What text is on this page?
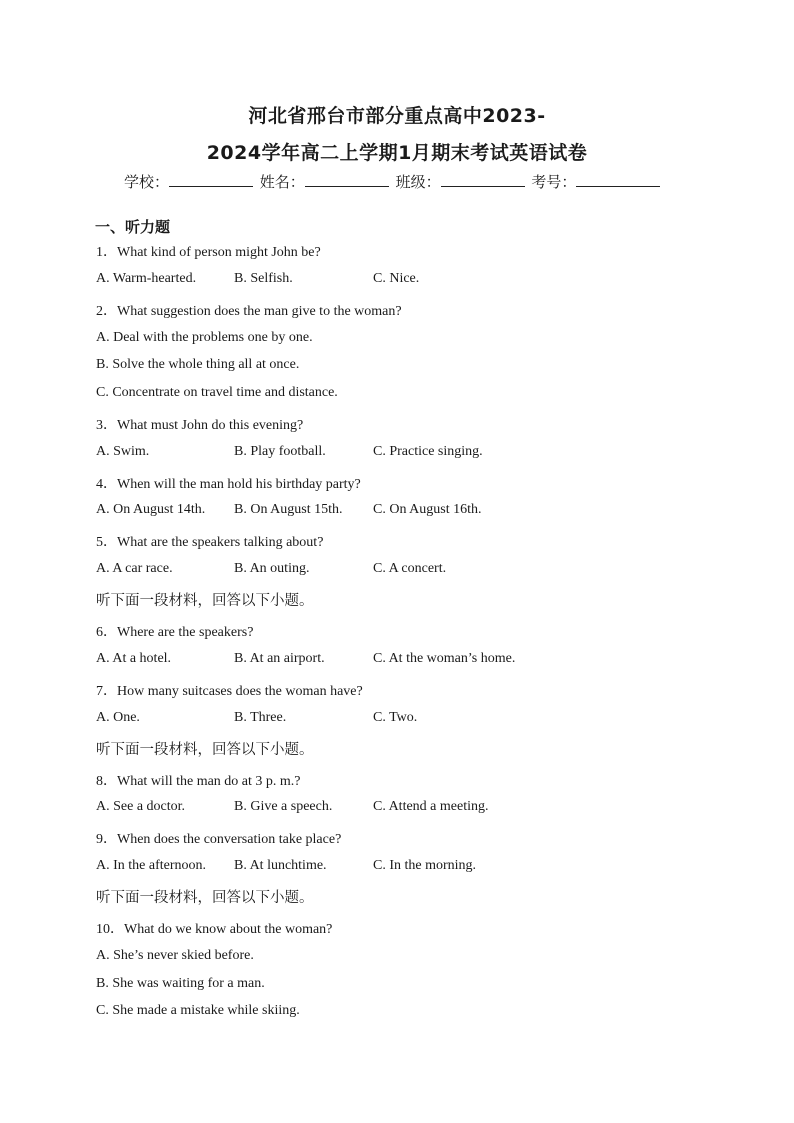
河北省邢台市部分重点高中2023-
2024学年高二上学期1月期末考试英语试卷
学校：	姓名：	班级：	考号：
一、听力题
1．What kind of person might John be?
A. Warm-hearted.	B. Selfish.	C. Nice.
2．What suggestion does the man give to the woman?
A. Deal with the problems one by one.
B. Solve the whole thing all at once.
C. Concentrate on travel time and distance.
3．What must John do this evening?
A. Swim.	B. Play football.	C. Practice singing.
4．When will the man hold his birthday party?
A. On August 14th. B. On August 15th. C. On August 16th.
5．What are the speakers talking about?
A. A car race.	B. An outing.	C. A concert.
听下面一段材料，回答以下小题。
6．Where are the speakers?
A. At a hotel.	B. At an airport.	C. At the woman’s home.
7．How many suitcases does the woman have?
A. One.	B. Three.	C. Two.
听下面一段材料，回答以下小题。
8．What will the man do at 3 p. m.?
A. See a doctor.	B. Give a speech.	C. Attend a meeting.
9．When does the conversation take place?
A. In the afternoon. B. At lunchtime.	C. In the morning.
听下面一段材料，回答以下小题。
10．What do we know about the woman?
A. She’s never skied before.
B. She was waiting for a man.
C. She made a mistake while skiing.
